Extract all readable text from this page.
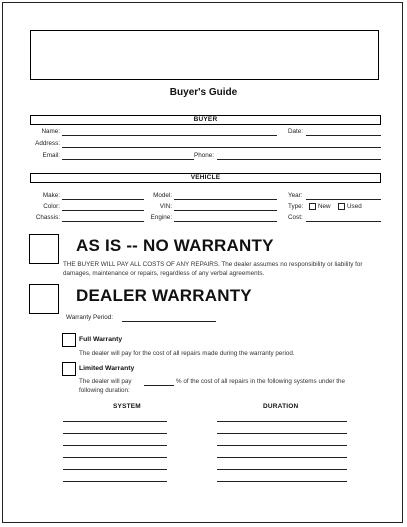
Buyer's Guide
BUYER
Name:	Date:
Address:
Email:	Phone:
VEHICLE
Make:	Model:	Year:
Color:	VIN:	Type: New	Used
Chassis:	Engine:	Cost:
AS IS -- NO WARRANTY
THE BUYER WILL PAY ALL COSTS OF ANY REPAIRS. The dealer assumes no responsibility or liability for damages, maintenance or repairs, regardless of any verbal agreements.
DEALER WARRANTY
Warranty Period:
Full Warranty
The dealer will pay for the cost of all repairs made during the warranty period.
Limited Warranty
The dealer will pay	% of the cost of all repairs in the following systems under the
following duration:
SYSTEM	DURATION
